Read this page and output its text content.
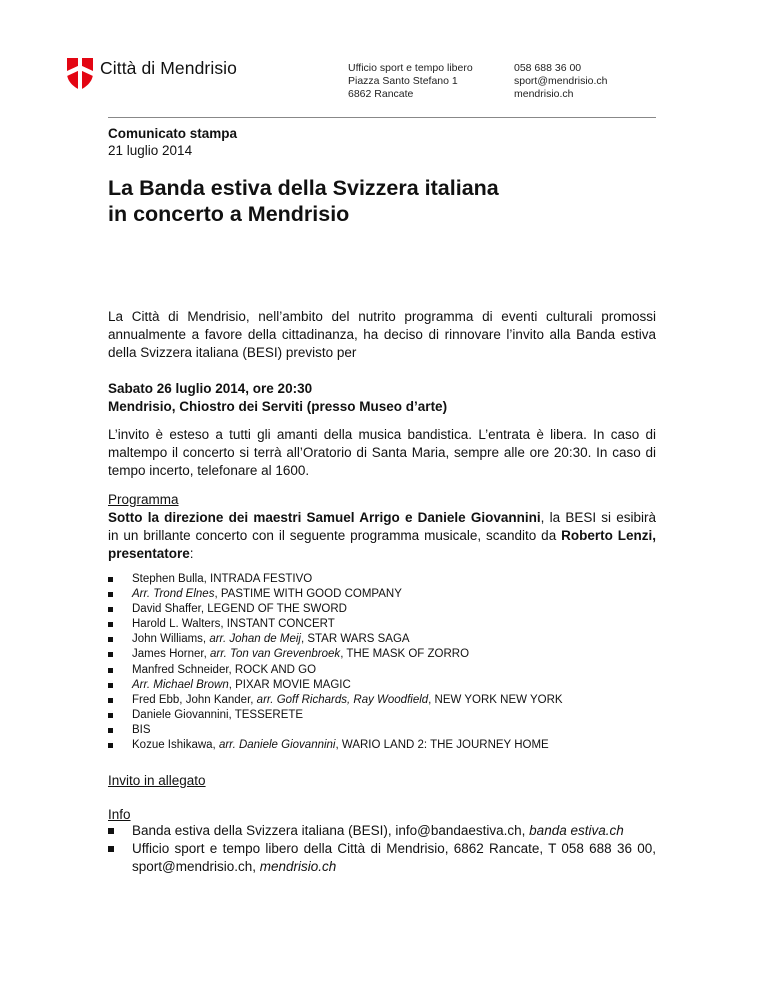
Città di Mendrisio	Ufficio sport e tempo libero
Piazza Santo Stefano 1
6862 Rancate
058 688 36 00
sport@mendrisio.ch
mendrisio.ch
Comunicato stampa
21 luglio 2014
La Banda estiva della Svizzera italiana
in concerto a Mendrisio
La Città di Mendrisio, nell’ambito del nutrito programma di eventi culturali promossi
annualmente a favore della cittadinanza, ha deciso di rinnovare l’invito alla Banda estiva
della Svizzera italiana (BESI) previsto per
Sabato 26 luglio 2014, ore 20:30
Mendrisio, Chiostro dei Serviti (presso Museo d’arte)
L’invito è esteso a tutti gli amanti della musica bandistica. L’entrata è libera. In caso di
maltempo il concerto si terrà all’Oratorio di Santa Maria, sempre alle ore 20:30. In caso di
tempo incerto, telefonare al 1600.
Programma
Sotto la direzione dei maestri Samuel Arrigo e Daniele Giovannini, la BESI si esibirà
in un brillante concerto con il seguente programma musicale, scandito da Roberto Lenzi,
presentatore:
Stephen Bulla, INTRADA FESTIVO
Arr. Trond Elnes, PASTIME WITH GOOD COMPANY
David Shaffer, LEGEND OF THE SWORD
Harold L. Walters, INSTANT CONCERT
John Williams, arr. Johan de Meij, STAR WARS SAGA
James Horner, arr. Ton van Grevenbroek, THE MASK OF ZORRO
Manfred Schneider, ROCK AND GO
Arr. Michael Brown, PIXAR MOVIE MAGIC
Fred Ebb, John Kander, arr. Goff Richards, Ray Woodfield, NEW YORK NEW YORK
Daniele Giovannini, TESSERETE
BIS
Kozue Ishikawa, arr. Daniele Giovannini, WARIO LAND 2: THE JOURNEY HOME
Invito in allegato
Info
Banda estiva della Svizzera italiana (BESI), info@bandaestiva.ch, banda estiva.ch
Ufficio sport e tempo libero della Città di Mendrisio, 6862 Rancate, T 058 688 36 00,
sport@mendrisio.ch, mendrisio.ch
